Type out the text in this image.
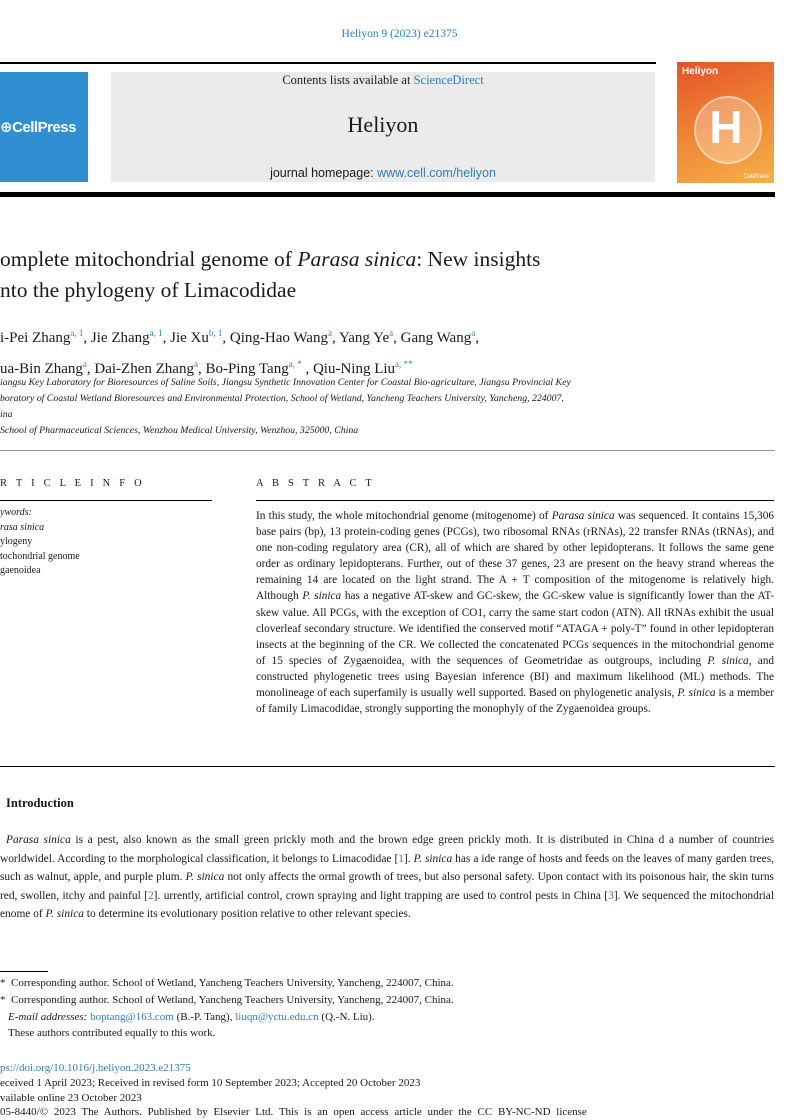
Heliyon 9 (2023) e21375
⊕CellPress
Contents lists available at ScienceDirect
Heliyon
journal homepage: www.cell.com/heliyon
Heliyon
H
CellPress
omplete mitochondrial genome of Parasa sinica: New insights
nto the phylogeny of Limacodidae
i-Pei Zhang$^{a, 1}$, Jie Zhang$^{a, 1}$, Jie Xu$^{b, 1}$, Qing-Hao Wang$^a$, Yang Ye$^a$, Gang Wang$^a$,
ua-Bin Zhang$^a$, Dai-Zhen Zhang$^a$, Bo-Ping Tang$^{a, *}$ , Qiu-Ning Liu$^{a, **}$
iangsu Key Laboratory for Bioresources of Saline Soils, Jiangsu Synthetic Innovation Center for Coastal Bio-agriculture, Jiangsu Provincial Key
boratory of Coastal Wetland Bioresources and Environmental Protection, School of Wetland, Yancheng Teachers University, Yancheng, 224007,
ina
School of Pharmaceutical Sciences, Wenzhou Medical University, Wenzhou, 325000, China
R T I C L E I N F O	A B S T R A C T
ywords:
rasa sinica
ylogeny
tochondrial genome
gaenoidea
In this study, the whole mitochondrial genome (mitogenome) of Parasa sinica was sequenced. It contains 15,306 base pairs (bp), 13 protein-coding genes (PCGs), two ribosomal RNAs (rRNAs), 22 transfer RNAs (tRNAs), and one non-coding regulatory area (CR), all of which are shared by other lepidopterans. It follows the same gene order as ordinary lepidopterans. Further, out of these 37 genes, 23 are present on the heavy strand whereas the remaining 14 are located on the light strand. The A + T composition of the mitogenome is relatively high. Although P. sinica has a negative AT-skew and GC-skew, the GC-skew value is significantly lower than the AT-skew value. All PCGs, with the exception of CO1, carry the same start codon (ATN). All tRNAs exhibit the usual cloverleaf secondary structure. We identified the conserved motif “ATAGA + poly-T” found in other lepidopteran insects at the beginning of the CR. We collected the concatenated PCGs sequences in the mitochondrial genome of 15 species of Zygaenoidea, with the sequences of Geometridae as outgroups, including P. sinica, and constructed phylogenetic trees using Bayesian inference (BI) and maximum likelihood (ML) methods. The monolineage of each superfamily is usually well supported. Based on phylogenetic analysis, P. sinica is a member of family Limacodidae, strongly supporting the monophyly of the Zygaenoidea groups.
Introduction
Parasa sinica is a pest, also known as the small green prickly moth and the brown edge green prickly moth. It is distributed in China d a number of countries worldwidel. According to the morphological classification, it belongs to Limacodidae [1]. P. sinica has a ide range of hosts and feeds on the leaves of many garden trees, such as walnut, apple, and purple plum. P. sinica not only affects the ormal growth of trees, but also personal safety. Upon contact with its poisonous hair, the skin turns red, swollen, itchy and painful [2]. urrently, artificial control, crown spraying and light trapping are used to control pests in China [3]. We sequenced the mitochondrial enome of P. sinica to determine its evolutionary position relative to other relevant species.
* Corresponding author. School of Wetland, Yancheng Teachers University, Yancheng, 224007, China.
* Corresponding author. School of Wetland, Yancheng Teachers University, Yancheng, 224007, China.
E-mail addresses: boptang@163.com (B.-P. Tang), liuqn@yctu.edu.cn (Q.-N. Liu).
These authors contributed equally to this work.
ps://doi.org/10.1016/j.heliyon.2023.e21375
eceived 1 April 2023; Received in revised form 10 September 2023; Accepted 20 October 2023
vailable online 23 October 2023
05-8440/© 2023 The Authors. Published by Elsevier Ltd. This is an open access article under the CC BY-NC-ND license
